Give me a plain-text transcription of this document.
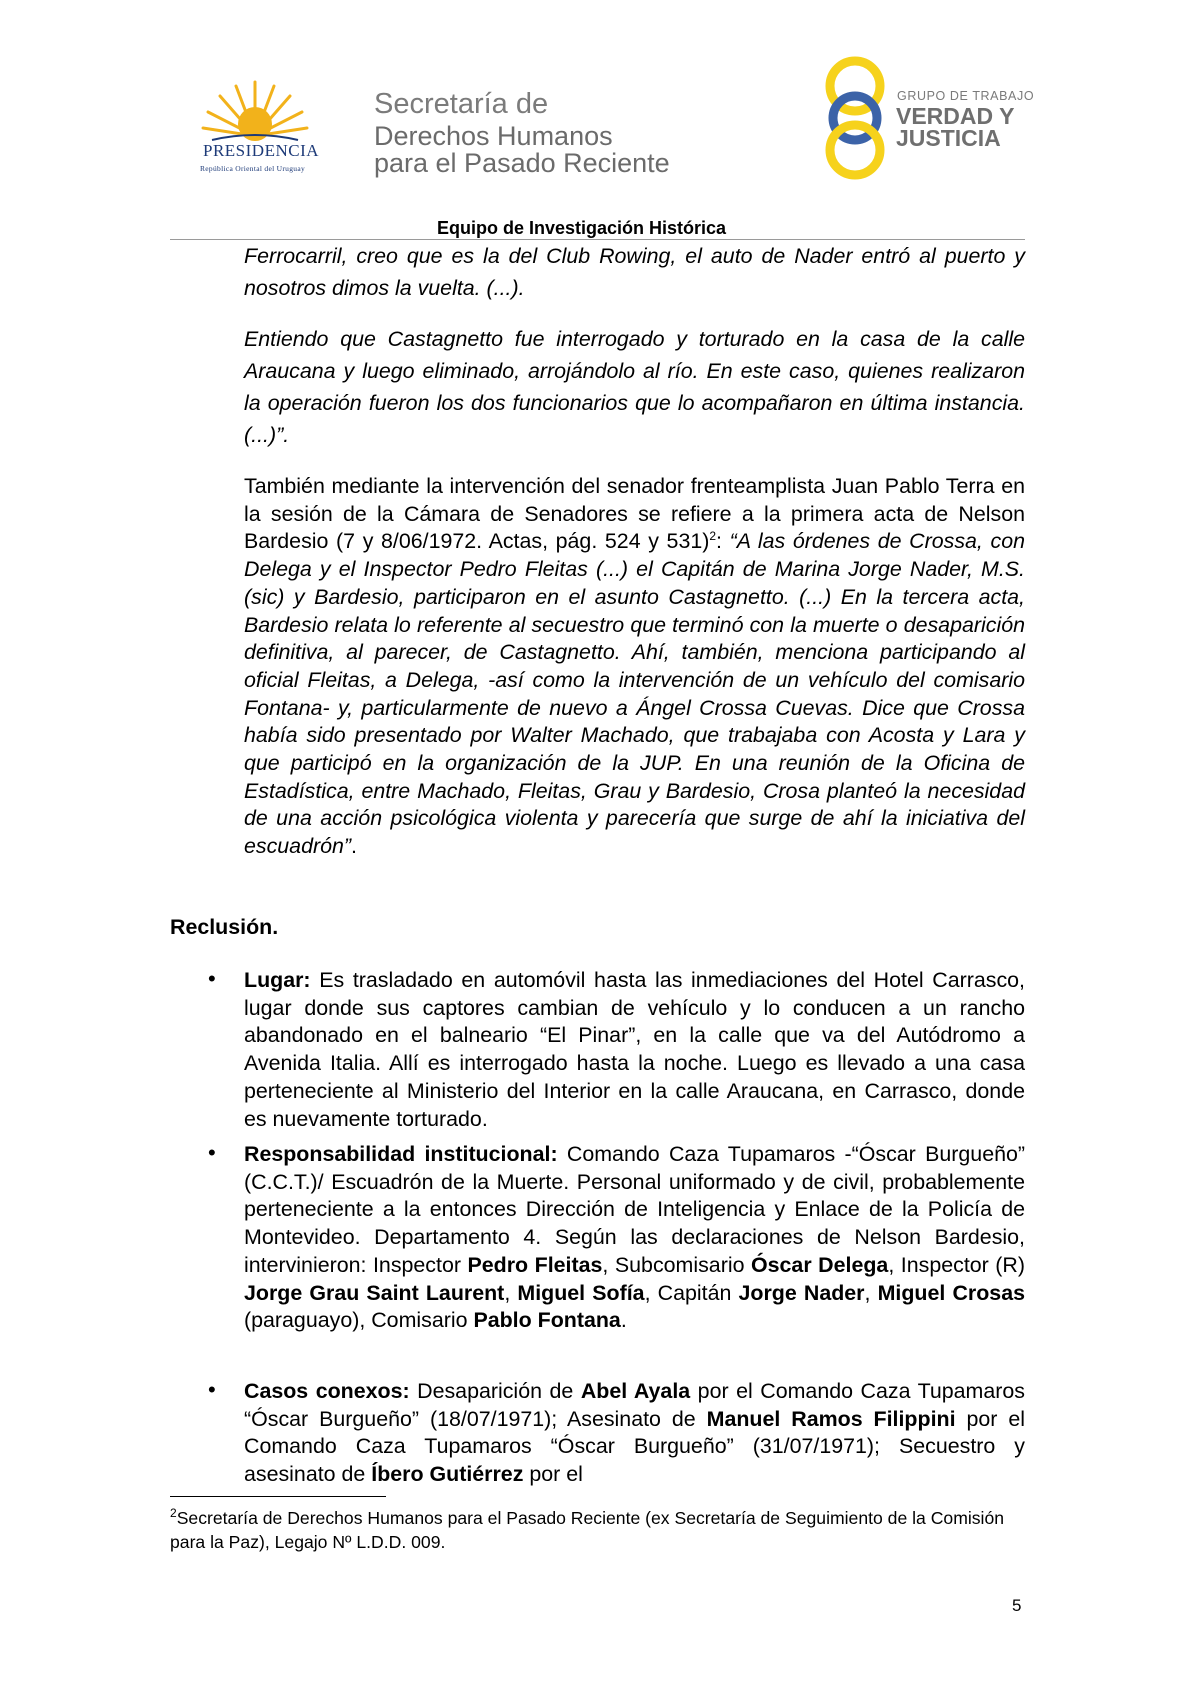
PRESIDENCIA
República Oriental del Uruguay
Secretaría de
Derechos Humanos
para el Pasado Reciente
GRUPO DE TRABAJO
VERDAD Y
JUSTICIA
Equipo de Investigación Histórica
Ferrocarril, creo que es la del Club Rowing, el auto de Nader entró al puerto y nosotros dimos la vuelta. (...).
Entiendo que Castagnetto fue interrogado y torturado en la casa de la calle Araucana y luego eliminado, arrojándolo al río. En este caso, quienes realizaron la operación fueron los dos funcionarios que lo acompañaron en última instancia. (...)”.
También mediante la intervención del senador frenteamplista Juan Pablo Terra en la sesión de la Cámara de Senadores se refiere a la primera acta de Nelson Bardesio (7 y 8/06/1972. Actas, pág. 524 y 531)$^2$: “A las órdenes de Crossa, con Delega y el Inspector Pedro Fleitas (...) el Capitán de Marina Jorge Nader, M.S. (sic) y Bardesio, participaron en el asunto Castagnetto. (...) En la tercera acta, Bardesio relata lo referente al secuestro que terminó con la muerte o desaparición definitiva, al parecer, de Castagnetto. Ahí, también, menciona participando al oficial Fleitas, a Delega, -así como la intervención de un vehículo del comisario Fontana- y, particularmente de nuevo a Ángel Crossa Cuevas. Dice que Crossa había sido presentado por Walter Machado, que trabajaba con Acosta y Lara y que participó en la organización de la JUP. En una reunión de la Oficina de Estadística, entre Machado, Fleitas, Grau y Bardesio, Crosa planteó la necesidad de una acción psicológica violenta y parecería que surge de ahí la iniciativa del escuadrón”.
Reclusión.
• Lugar: Es trasladado en automóvil hasta las inmediaciones del Hotel Carrasco, lugar donde sus captores cambian de vehículo y lo conducen a un rancho abandonado en el balneario “El Pinar”, en la calle que va del Autódromo a Avenida Italia. Allí es interrogado hasta la noche. Luego es llevado a una casa perteneciente al Ministerio del Interior en la calle Araucana, en Carrasco, donde es nuevamente torturado.
• Responsabilidad institucional: Comando Caza Tupamaros -“Óscar Burgueño” (C.C.T.)/ Escuadrón de la Muerte. Personal uniformado y de civil, probablemente perteneciente a la entonces Dirección de Inteligencia y Enlace de la Policía de Montevideo. Departamento 4. Según las declaraciones de Nelson Bardesio, intervinieron: Inspector Pedro Fleitas, Subcomisario Óscar Delega, Inspector (R) Jorge Grau Saint Laurent, Miguel Sofía, Capitán Jorge Nader, Miguel Crosas (paraguayo), Comisario Pablo Fontana.
• Casos conexos: Desaparición de Abel Ayala por el Comando Caza Tupamaros “Óscar Burgueño” (18/07/1971); Asesinato de Manuel Ramos Filippini por el Comando Caza Tupamaros “Óscar Burgueño” (31/07/1971); Secuestro y asesinato de Íbero Gutiérrez por el
$^2$Secretaría de Derechos Humanos para el Pasado Reciente (ex Secretaría de Seguimiento de la Comisión para la Paz), Legajo Nº L.D.D. 009.
5
